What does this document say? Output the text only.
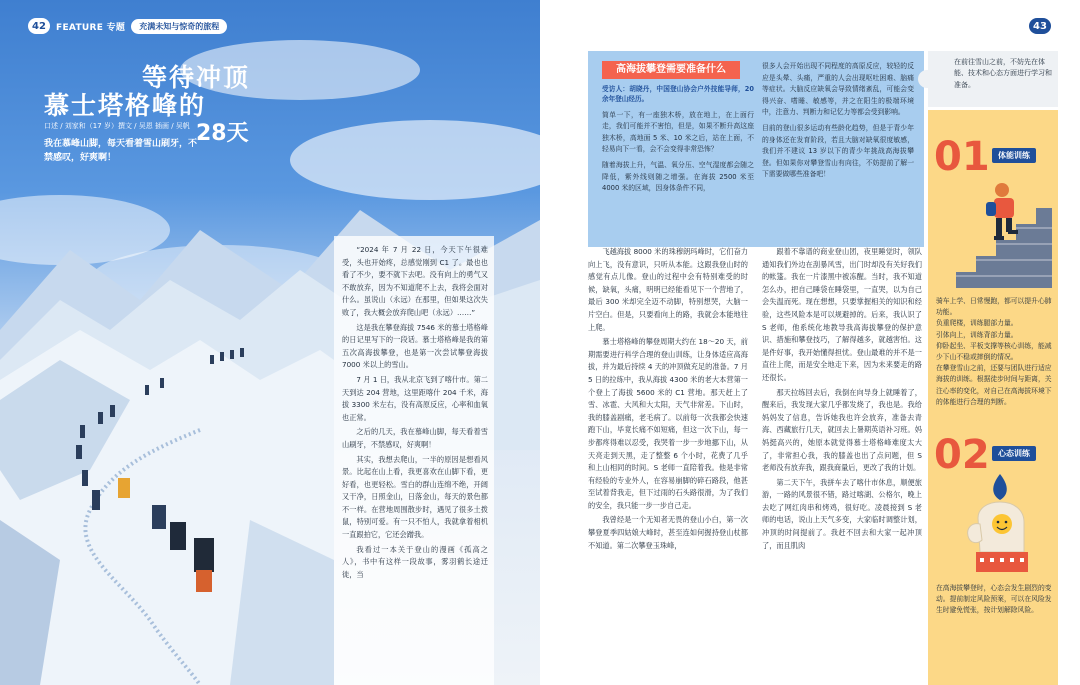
42	FEATURE 专题	充满未知与惊奇的旅程
等待冲顶
慕士塔格峰的
28天
口述 / 刘家和（17 岁）撰文 / 吴恩 插画 / 吴帆
我在慕峰山脚，每天看着雪山刷牙，不禁感叹，好爽啊！

“2024 年 7 月 22 日，今天下午很难受，头也开始疼，总感觉刚到 C1 了。最也也看了不少，要不就下去吧。没有向上的勇气又不敢放弃，因为不知道爬不上去，我将会面对什么。虽说山（永远）在那里，但如果这次失败了，我大概会放弃爬山吧（永远）……”

这是我在攀登海拔 7546 米的慕士塔格峰的日记里写下的一段话。慕士塔格峰是我的第五次高海拔攀登，也是第一次尝试攀登海拔 7000 米以上的雪山。

7 月 1 日，我从北京飞到了喀什市。第二天到达 204 营地，这里距喀什 204 千米，海拔 3300 米左右，没有高原反应，心率和血氧也正常。

之后的几天，我在慕峰山脚，每天看着雪山刷牙，不禁感叹，好爽啊！

其实，我想去爬山，一半的原因是想看风景。比起在山上看，我更喜欢在山脚下看，更好看，也更轻松。雪白的群山连绵不绝，开阔又干净，日照金山，日落金山，每天的景色都不一样。在营地周围散步时，遇见了很多土拨鼠，特别可爱。有一只不怕人，我就拿着相机一直跟拍它，它还会蹭我。

我看过一本关于登山的漫画《孤高之人》，书中有这样一段故事，雾羽鹤长途迁徙，当

43
高海拔攀登需要准备什么
受访人：胡晓丹，中国登山协会户外技能导师，20 余年登山经历。

简单一下，有一座独木桥，放在地上，在上面行走，我们可能并不害怕，但是，如果不断升高这座独木桥，高地面 5 米、10 米之后，站在上面，不轻易向下一看，会不会变得非常恐怖？

随着海拔上升，气温、氧分压、空气湿度都会随之降低，紫外线则随之增强。在海拔 2500 米至 4000 米的区域，因身体条件不同，

很多人会开始出现不同程度的高原反应，较轻的反应是头晕、头痛，严重的人会出现呕吐困难、脑痛等症状。大脑反应缺氧会导致情绪紊乱，可能会变得兴奋、嗜睡、敏感等，并之在阳生的极端环境中，注意力、判断力和记忆力等都会受到影响。

目前的登山很多运动有些龄化趋势，但是于青少年的身体还在发育阶段，若且大脑对缺氧很度敏感，我们并不建议 13 岁以下的青少年挑战高海拔攀登。但如果你对攀登雪山有向往，不妨提前了解一下需要做哪些准备吧！

在前往雪山之前，不妨先在体能、技术和心态方面进行学习和准备。

飞越海拔 8000 米的珠穆朗玛峰时，它们奋力向上飞，没有意识，只听从本能。这跟我登山时的感觉有点儿像。登山的过程中会有特别难受的时候，缺氧，头痛，明明已经能看见下一个营地了，最后 300 米却完全迈不动脚，特别想哭，大脑一片空白。但是，只要看向上的路，我就会本能地往上爬。

慕士塔格峰的攀登周期大约在 18～20 天，前期需要进行科学合理的登山训练，让身体适应高海拔，并为最后持续 4 天的冲顶做充足的准备。7 月 5 日的拉练中，我从海拔 4300 米的老大本营第一个登上了海拔 5600 米的 C1 营地。那天赶上了雪、冰雹、大风和大太阳，天气非常差。下山时，我的膝盖剧痛，老毛病了。以前每一次我都会快速跑下山，毕竟长痛不如短痛，但这一次下山，每一步都疼得难以忍受，我哭着一步一步地挪下山，从天亮走到天黑，走了整整 6 个小时，花费了几乎和上山相同的时间。S 老师一直陪着我。他是非常有经验的专业外人，在容易崩脚的碎石路段，他甚至试着背我走，但下过雨的石头路很滑，为了我们的安全，我只能一步一步自己走。

我曾经是一个无知者无畏的登山小白，第一次攀登夏季四姑娘大峰时，甚至连如何握持登山杖都不知道。第二次攀登玉珠峰，

跟着不靠谱的商业登山团，夜里睡觉时，领队通知我们外边在刮暴风雪，出门时却没有关好我们的帐篷。我在一片漆黑中被冻醒。当时，我不知道怎么办，把自己睡袋在睡袋里，一直哭，以为自己会失温而死。现在想想，只要掌握相关的知识和经验，这些风险本是可以规避掉的。后来，我认识了 S 老师，他系统化地教导我高海拔攀登的保护意识、措施和攀登技巧，了解得越多，就越害怕。这是件好事，我开始懂得担忧。登山最难的并不是一直往上爬，而是安全地走下来，因为未来要走的路还很长。

那天拉练回去后，我倒在向导身上就睡着了，醒来后，我发现大家几乎都发烧了，我也是。我给妈妈发了信息，告诉她我也许会放弃，准备去青海、西藏旅行几天，就回去上暑期英语补习班。妈妈挺高兴的，她原本就觉得慕士塔格峰难度太大了，非常担心我，我的膝盖也出了点问题，但 S 老师没有放弃我，跟我商量后，更改了我的计划。

第二天下午，我拼车去了喀什市休息，顺便旅游，一路的风景很不错，路过喀湖、公格尔，晚上去吃了网红肉串和烤鸡，很好吃。凌晨接到 S 老师的电话，说山上天气多变，大家临时调整计划，冲顶的时间提前了。我赶不回去和大家一起冲顶了，而且肌肉

01	体能训练
骑车上学、日常慢跑，都可以提升心肺功能。
负重爬楼，训练腿部力量。
引体向上，训练背部力量。
仰卧起坐、平板支撑等核心训练，能减少下山不稳或摔倒的情况。
在攀登雪山之前，还要与团队进行适应海拔的训练。根据徒步时间与距离，关注心率的变化，对自己在高海拔环境下的体能进行合理的判断。
02	心态训练
在高海拔攀登时，心态会发生剧烈的变动。提前制定风险预案，可以在风险发生时避免慌张，按计划解除风险。
